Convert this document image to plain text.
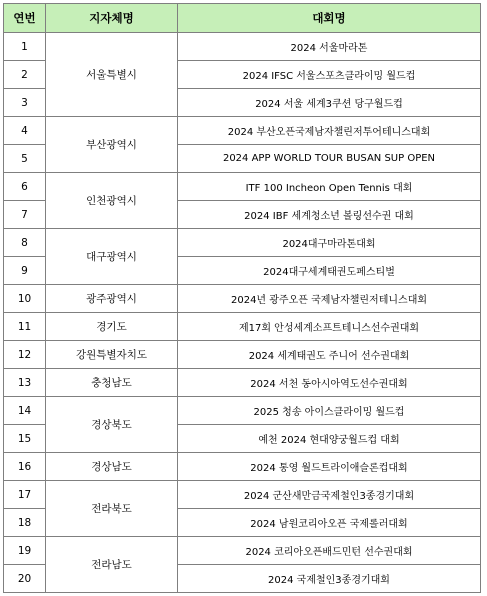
연번	지자체명	대회명
1	서울특별시	2024 서울마라톤
2		2024 IFSC 서울스포츠클라이밍 월드컵
3		2024 서울 세계3쿠션 당구월드컵
4	부산광역시	2024 부산오픈국제남자챌린저투어테니스대회
5		2024 APP WORLD TOUR BUSAN SUP OPEN
6	인천광역시	ITF 100 Incheon Open Tennis 대회
7		2024 IBF 세계청소년 볼링선수권 대회
8	대구광역시	2024대구마라톤대회
9		2024대구세계태권도페스티벌
10	광주광역시	2024년 광주오픈 국제남자챌린저테니스대회
11	경기도	제17회 안성세계소프트테니스선수권대회
12	강원특별자치도	2024 세계태권도 주니어 선수권대회
13	충청남도	2024 서천 동아시아역도선수권대회
14	경상북도	2025 청송 아이스클라이밍 월드컵
15		예천 2024 현대양궁월드컵 대회
16	경상남도	2024 통영 월드트라이애슬론컵대회
17	전라북도	2024 군산새만금국제철인3종경기대회
18		2024 남원코리아오픈 국제롤러대회
19	전라남도	2024 코리아오픈배드민턴 선수권대회
20		2024 국제철인3종경기대회
